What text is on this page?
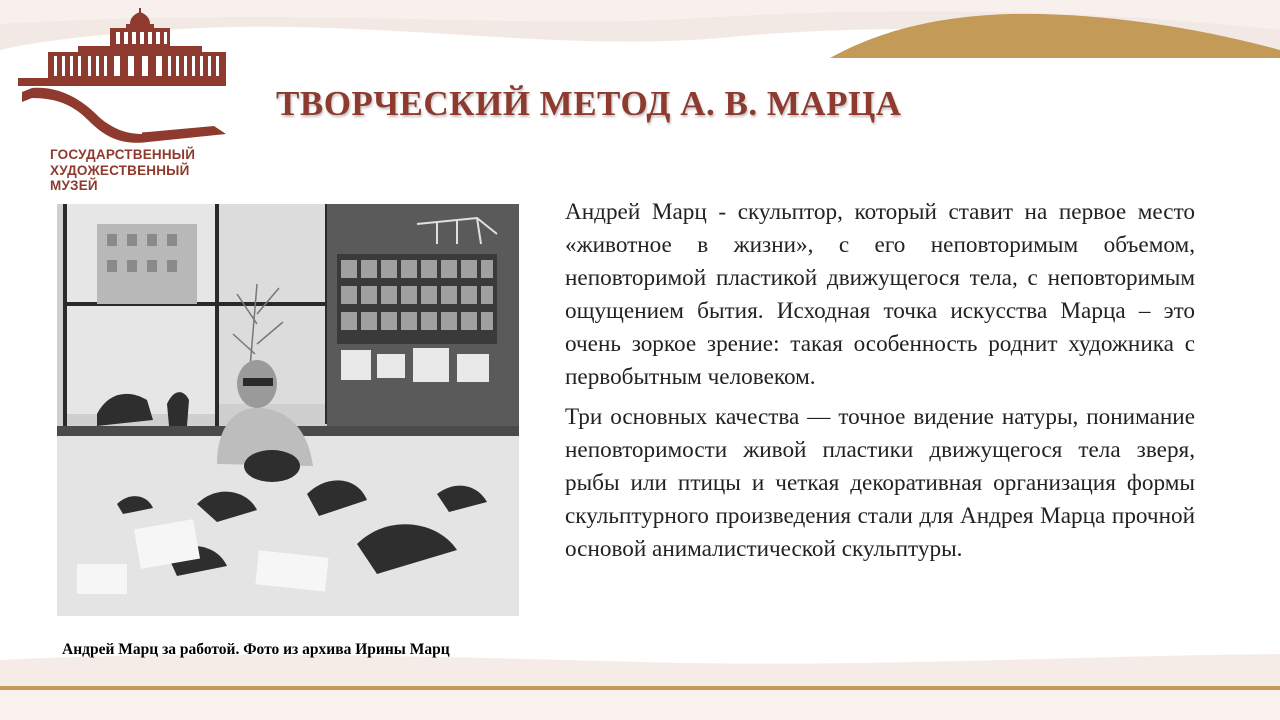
ГОСУДАРСТВЕННЫЙ
ХУДОЖЕСТВЕННЫЙ
МУЗЕЙ
ТВОРЧЕСКИЙ МЕТОД А. В. МАРЦА
Андрей Марц за работой. Фото из архива Ирины Марц

Андрей Марц - скульптор, который ставит на первое место «животное в жизни», с его неповторимым объемом, неповторимой пластикой движущегося тела, с неповторимым ощущением бытия. Исходная точка искусства Марца – это очень зоркое зрение: такая особенность роднит художника с первобытным человеком.

Три основных качества — точное видение натуры, понимание неповторимости живой пластики движущегося тела зверя, рыбы или птицы и четкая декоративная организация формы скульптурного произведения стали для Андрея Марца прочной основой анималистической скульптуры.
